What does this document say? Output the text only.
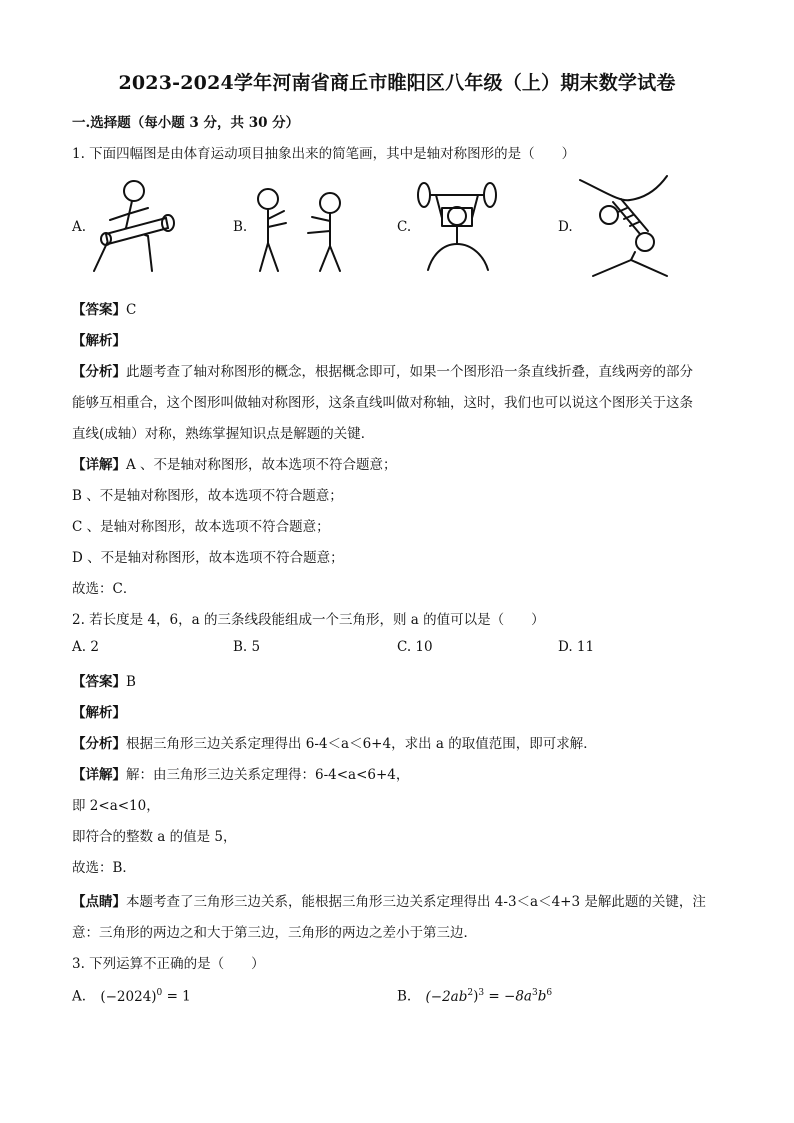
2023-2024学年河南省商丘市睢阳区八年级（上）期末数学试卷
一.选择题（每小题 3 分，共 30 分）
1. 下面四幅图是由体育运动项目抽象出来的简笔画，其中是轴对称图形的是（　　）
A.	B.	C.	D.
【答案】C
【解析】
【分析】此题考查了轴对称图形的概念，根据概念即可，如果一个图形沿一条直线折叠，直线两旁的部分
能够互相重合，这个图形叫做轴对称图形，这条直线叫做对称轴，这时，我们也可以说这个图形关于这条
直线(成轴）对称，熟练掌握知识点是解题的关键．
【详解】A 、不是轴对称图形，故本选项不符合题意；
B 、不是轴对称图形，故本选项不符合题意；
C 、是轴对称图形，故本选项不符合题意；
D 、不是轴对称图形，故本选项不符合题意；
故选：C．
2. 若长度是 4，6，a 的三条线段能组成一个三角形，则 a 的值可以是（　　）
A. 2	B. 5	C. 10	D. 11
【答案】B
【解析】
【分析】根据三角形三边关系定理得出 6-4＜a＜6+4，求出 a 的取值范围，即可求解．
【详解】解：由三角形三边关系定理得：6-4<a<6+4，
即 2<a<10，
即符合的整数 a 的值是 5，
故选：B．
【点睛】本题考查了三角形三边关系，能根据三角形三边关系定理得出 4-3＜a＜4+3 是解此题的关键，注
意：三角形的两边之和大于第三边，三角形的两边之差小于第三边．
3. 下列运算不正确的是（　　）
A. $(-2024)^0 = 1$	B. $(-2ab^2)^3 = -8a^3b^6$
